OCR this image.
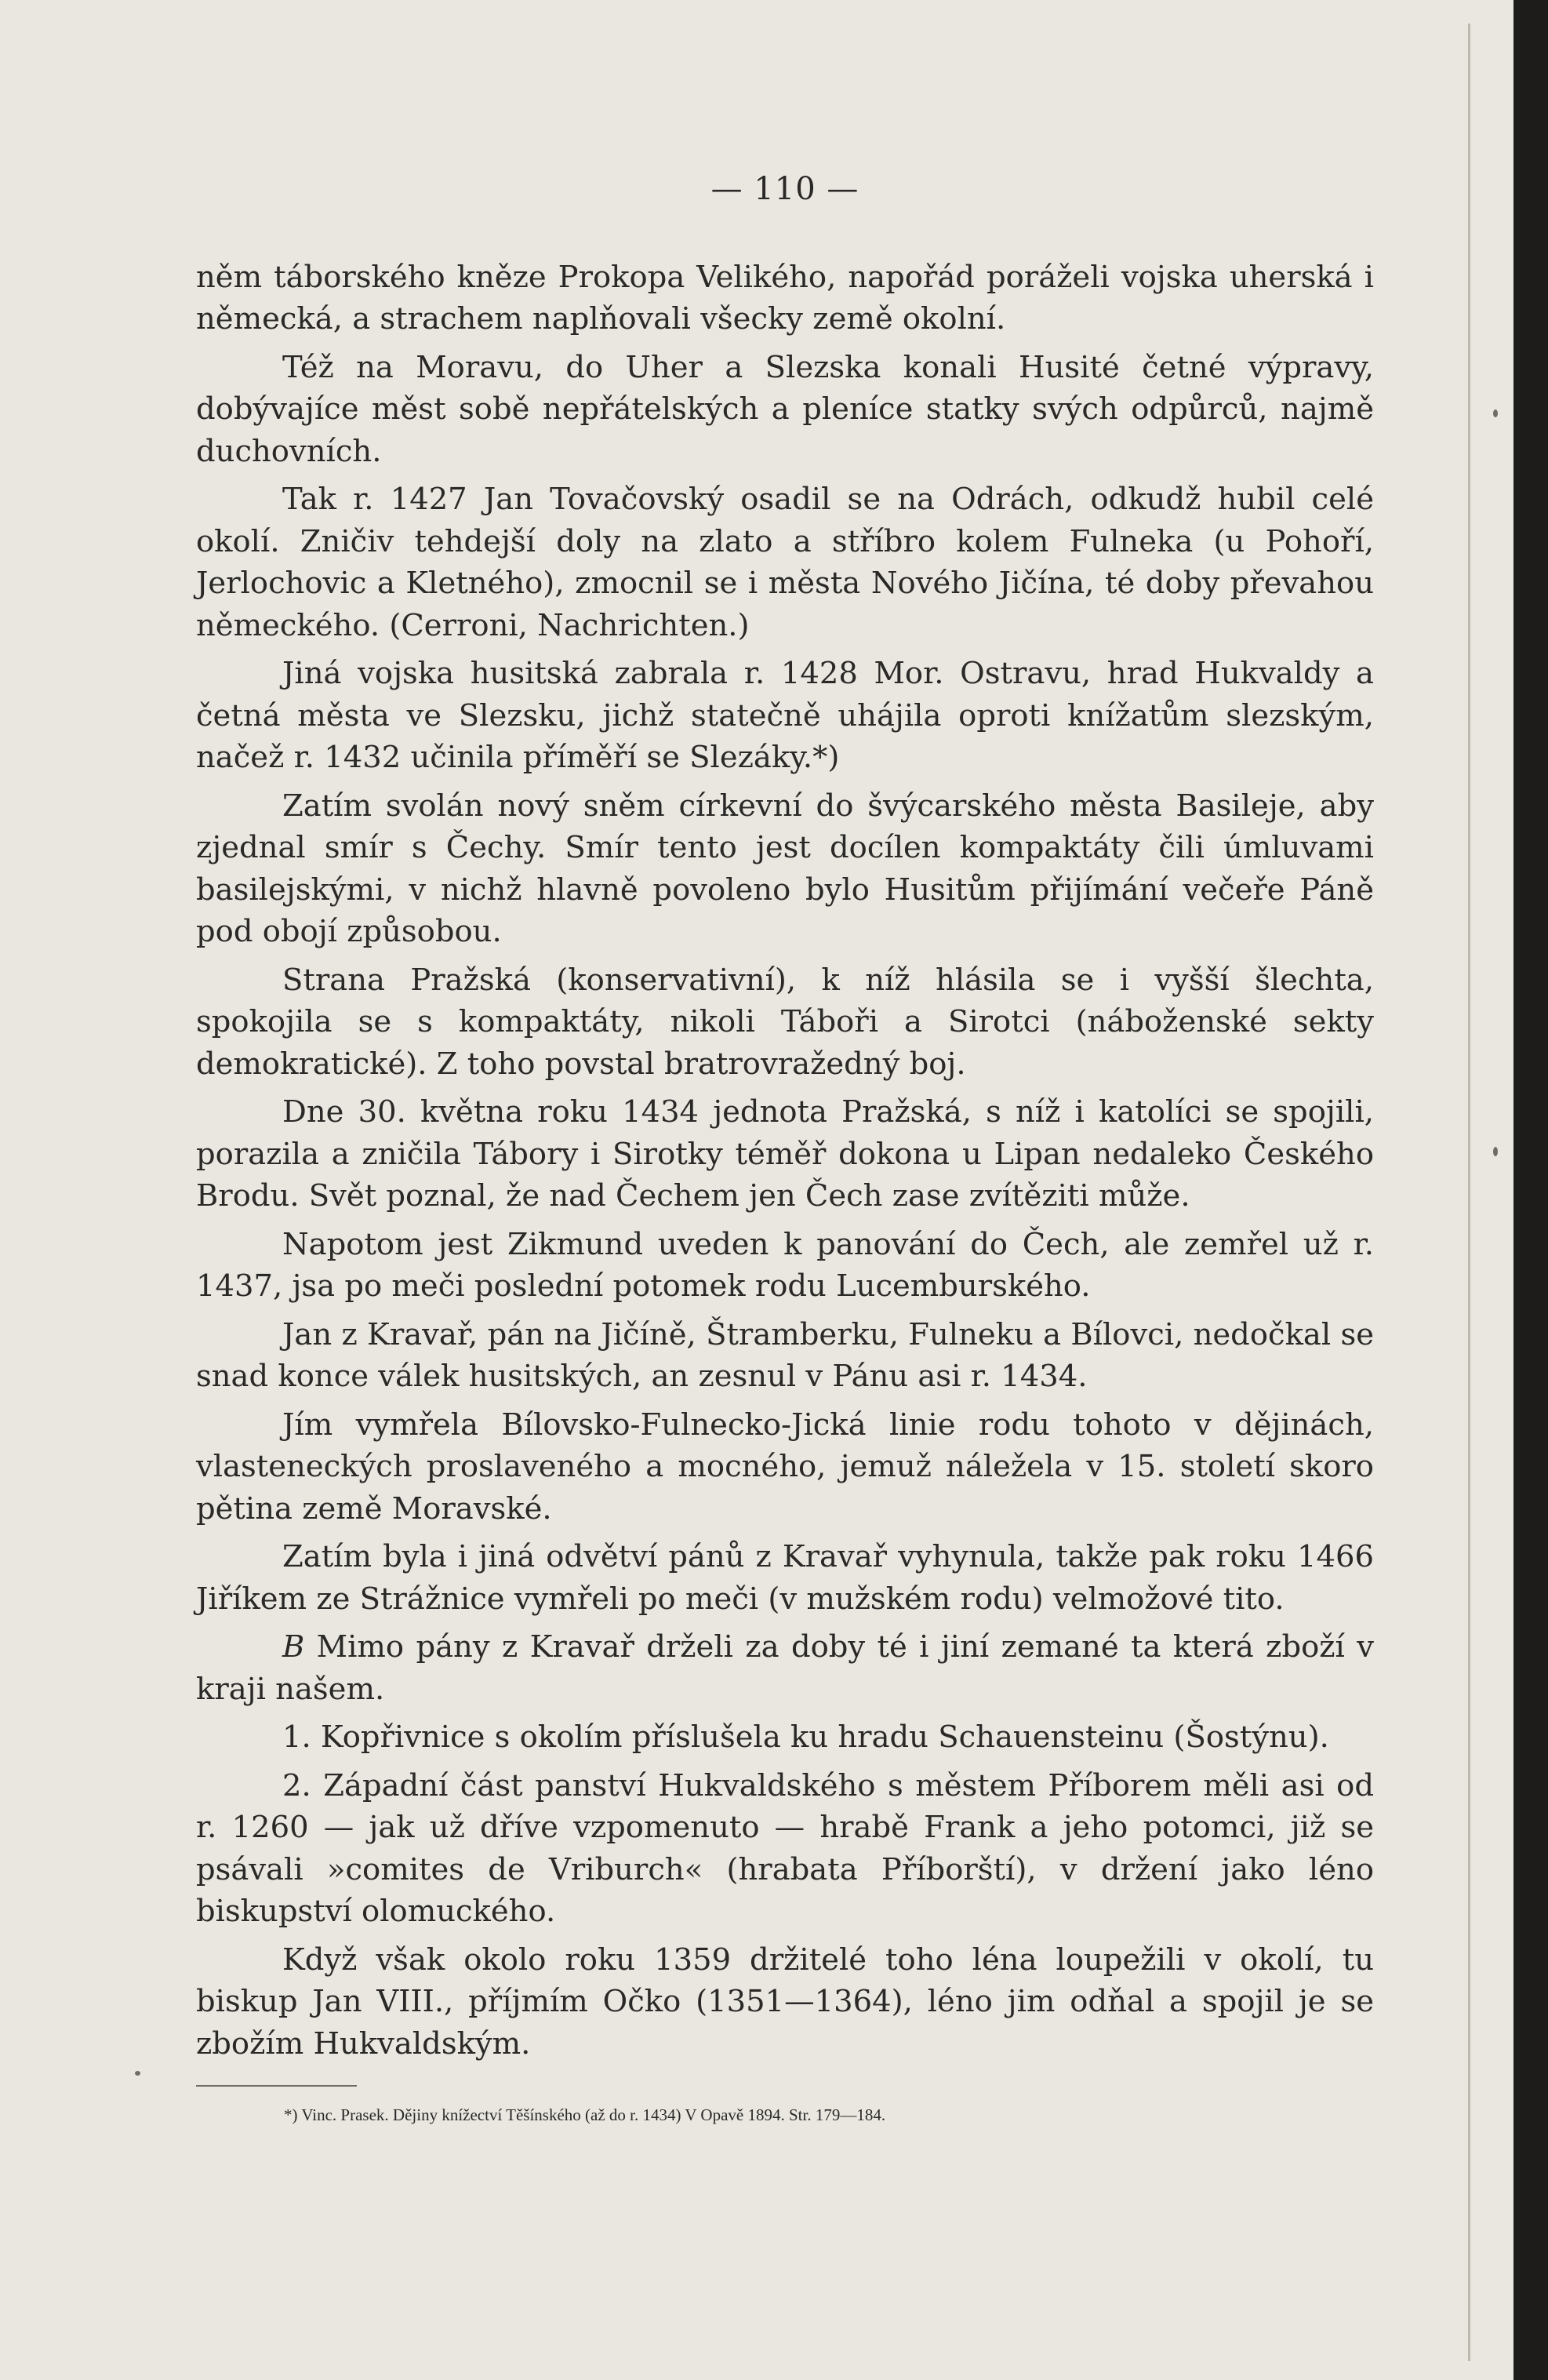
— 110 —

něm táborského kněze Prokopa Velikého, napořád poráželi vojska uherská i německá, a strachem naplňovali všecky země okolní.

Též na Moravu, do Uher a Slezska konali Husité četné výpravy, dobývajíce měst sobě nepřátelských a pleníce statky svých odpůrců, najmě duchovních.

Tak r. 1427 Jan Tovačovský osadil se na Odrách, odkudž hubil celé okolí. Zničiv tehdejší doly na zlato a stříbro kolem Fulneka (u Pohoří, Jerlochovic a Kletného), zmocnil se i města Nového Jičína, té doby převahou německého. (Cerroni, Nachrichten.)

Jiná vojska husitská zabrala r. 1428 Mor. Ostravu, hrad Hukvaldy a četná města ve Slezsku, jichž statečně uhájila oproti knížatům slezským, načež r. 1432 učinila příměří se Slezáky.*)

Zatím svolán nový sněm církevní do švýcarského města Basileje, aby zjednal smír s Čechy. Smír tento jest docílen kompaktáty čili úmluvami basilejskými, v nichž hlavně povoleno bylo Husitům přijímání večeře Páně pod obojí způsobou.

Strana Pražská (konservativní), k níž hlásila se i vyšší šlechta, spokojila se s kompaktáty, nikoli Táboři a Sirotci (náboženské sekty demokratické). Z toho povstal bratrovražedný boj.

Dne 30. května roku 1434 jednota Pražská, s níž i katolíci se spojili, porazila a zničila Tábory i Sirotky téměř dokona u Lipan nedaleko Českého Brodu. Svět poznal, že nad Čechem jen Čech zase zvítěziti může.

Napotom jest Zikmund uveden k panování do Čech, ale zemřel už r. 1437, jsa po meči poslední potomek rodu Lucemburského.

Jan z Kravař, pán na Jičíně, Štramberku, Fulneku a Bílovci, nedočkal se snad konce válek husitských, an zesnul v Pánu asi r. 1434.

Jím vymřela Bílovsko-Fulnecko-Jická linie rodu tohoto v dějinách, vlasteneckých proslaveného a mocného, jemuž náležela v 15. století skoro pětina země Moravské.

Zatím byla i jiná odvětví pánů z Kravař vyhynula, takže pak roku 1466 Jiříkem ze Strážnice vymřeli po meči (v mužském rodu) velmožové tito.

B Mimo pány z Kravař drželi za doby té i jiní zemané ta která zboží v kraji našem.

1. Kopřivnice s okolím příslušela ku hradu Schauensteinu (Šostýnu).

2. Západní část panství Hukvaldského s městem Příborem měli asi od r. 1260 — jak už dříve vzpomenuto — hrabě Frank a jeho potomci, již se psávali »comites de Vriburch« (hrabata Příborští), v držení jako léno biskupství olomuckého.

Když však okolo roku 1359 držitelé toho léna loupežili v okolí, tu biskup Jan VIII., příjmím Očko (1351—1364), léno jim odňal a spojil je se zbožím Hukvaldským.

*) Vinc. Prasek. Dějiny knížectví Těšínského (až do r. 1434) V Opavě 1894. Str. 179—184.
